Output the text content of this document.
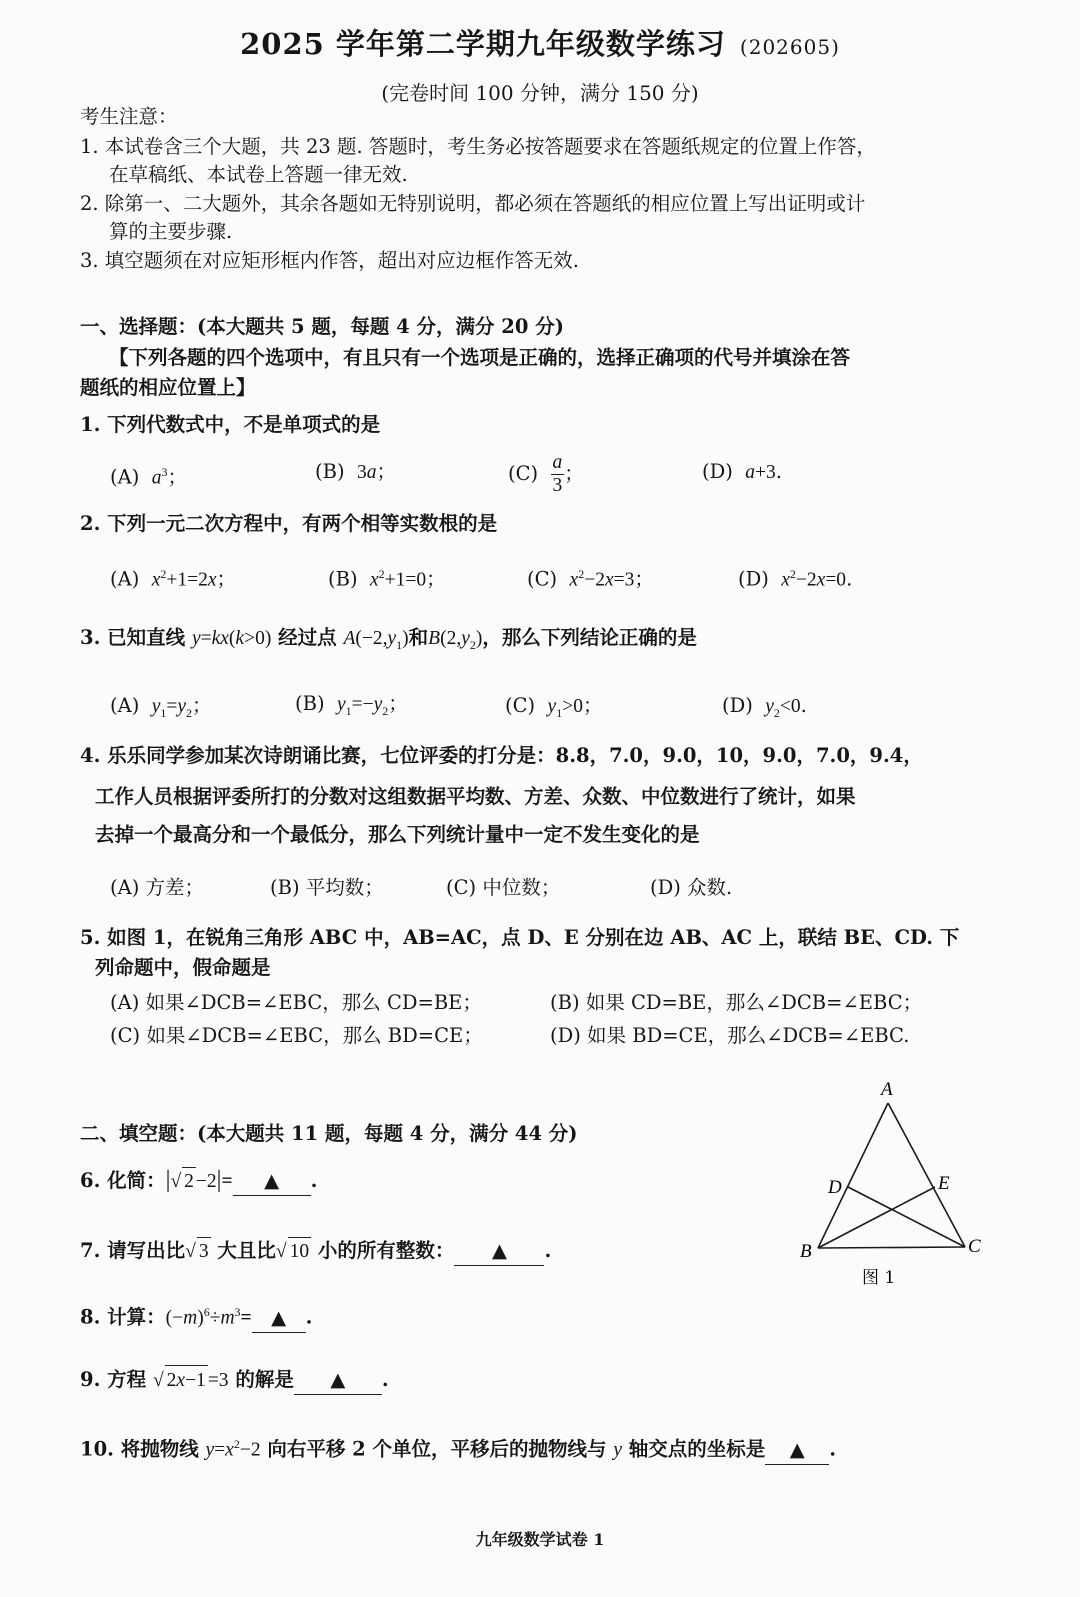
2025 学年第二学期九年级数学练习 (202605)
(完卷时间 100 分钟，满分 150 分)
考生注意：
1. 本试卷含三个大题，共 23 题. 答题时，考生务必按答题要求在答题纸规定的位置上作答，
在草稿纸、本试卷上答题一律无效.
2. 除第一、二大题外，其余各题如无特别说明，都必须在答题纸的相应位置上写出证明或计
算的主要步骤.
3. 填空题须在对应矩形框内作答，超出对应边框作答无效.
一、选择题：(本大题共 5 题，每题 4 分，满分 20 分)
【下列各题的四个选项中，有且只有一个选项是正确的，选择正确项的代号并填涂在答
题纸的相应位置上】
1. 下列代数式中，不是单项式的是
(A) $a^3$；	(B) 3a；	$(C) \frac{a}{3}$ ；	(D) a+3.
2. 下列一元二次方程中，有两个相等实数根的是
(A)  $x^2+1=2x$；	(B)  $x^2+1=0$；	(C)  $x^2-2x=3$；	(D)  $x^2-2x=0$.
3. 已知直线 y=kx(k>0) 经过点 $A(-2,y_1)$和$B(2,y_2)$，那么下列结论正确的是
(A)  $y_1=y_2$；	(B)  $y_1=-y_2$；	(C)  $y_1>0$；	(D)  $y_2<0$.
4. 乐乐同学参加某次诗朗诵比赛，七位评委的打分是：8.8，7.0，9.0，10，9.0，7.0，9.4，
工作人员根据评委所打的分数对这组数据平均数、方差、众数、中位数进行了统计，如果
去掉一个最高分和一个最低分，那么下列统计量中一定不发生变化的是
(A) 方差；	(B) 平均数；	(C) 中位数；	(D) 众数.
5. 如图 1，在锐角三角形 ABC 中，AB=AC，点 D、E 分别在边 AB、AC 上，联结 BE、CD. 下
列命题中，假命题是
(A) 如果∠DCB=∠EBC，那么 CD=BE；	(B) 如果 CD=BE，那么∠DCB=∠EBC；
(C) 如果∠DCB=∠EBC，那么 BD=CE；	(D) 如果 BD=CE，那么∠DCB=∠EBC.
二、填空题：(本大题共 11 题，每题 4 分，满分 44 分)
6. 化简：|√ 2 −2|= ▲ .
7. 请写出比√ 3 大且比√ 10 小的所有整数： ▲ .
8. 计算：$(-m)^6\div m^3=$ ▲ .
9. 方程 √ 2x−1 =3 的解是 ▲ .
10. 将抛物线 $y=x^2-2$ 向右平移 2 个单位，平移后的抛物线与 y 轴交点的坐标是 ▲ .
A
D	E
B	C
图 1
九年级数学试卷 1
